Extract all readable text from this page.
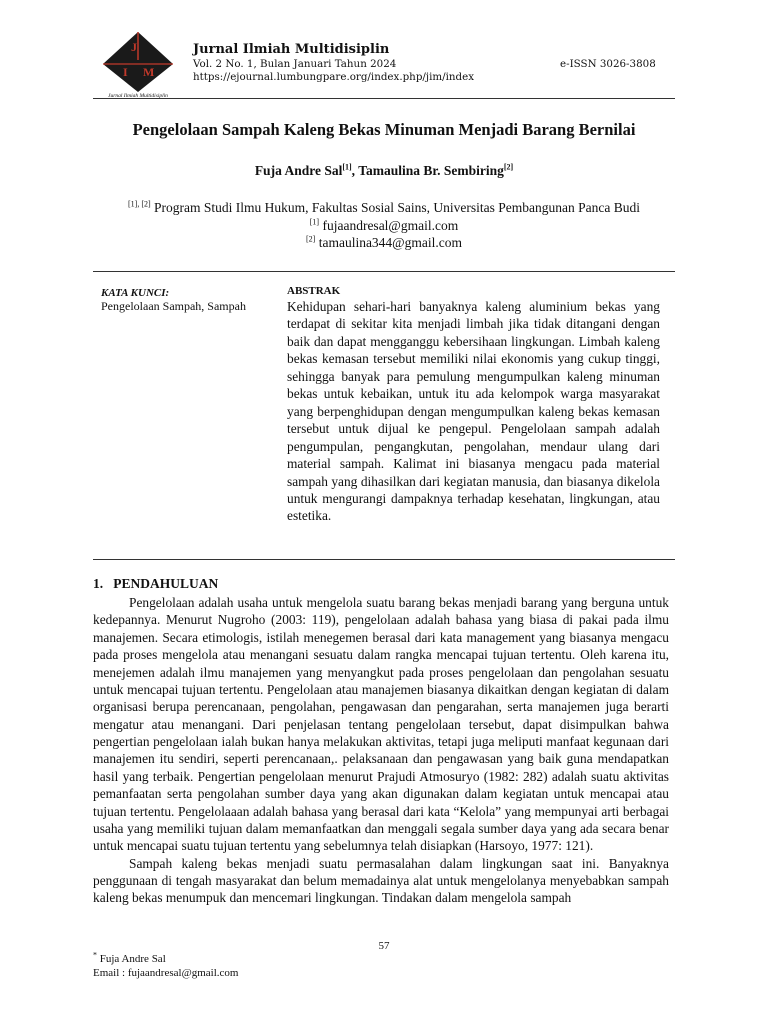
J
I M
Jurnal Ilmiah Multidisiplin
Jurnal Ilmiah Multidisiplin
Vol. 2 No. 1, Bulan Januari Tahun 2024
https://ejournal.lumbungpare.org/index.php/jim/index
e-ISSN 3026-3808
Pengelolaan Sampah Kaleng Bekas Minuman Menjadi Barang Bernilai
Fuja Andre Sal[1], Tamaulina Br. Sembiring[2]
[1], [2] Program Studi Ilmu Hukum, Fakultas Sosial Sains, Universitas Pembangunan Panca Budi
[1] fujaandresal@gmail.com
[2] tamaulina344@gmail.com
KATA KUNCI:
Pengelolaan Sampah, Sampah
ABSTRAK
Kehidupan sehari-hari banyaknya kaleng aluminium bekas yang terdapat di sekitar kita menjadi limbah jika tidak ditangani dengan baik dan dapat mengganggu kebersihaan lingkungan. Limbah kaleng bekas kemasan tersebut memiliki nilai ekonomis yang cukup tinggi, sehingga banyak para pemulung mengumpulkan kaleng minuman bekas untuk kebaikan, untuk itu ada kelompok warga masyarakat yang berpenghidupan dengan mengumpulkan kaleng bekas kemasan tersebut untuk dijual ke pengepul. Pengelolaan sampah adalah pengumpulan, pengangkutan, pengolahan, mendaur ulang dari material sampah. Kalimat ini biasanya mengacu pada material sampah yang dihasilkan dari kegiatan manusia, dan biasanya dikelola untuk mengurangi dampaknya terhadap kesehatan, lingkungan, atau estetika.
1.   PENDAHULUAN

Pengelolaan adalah usaha untuk mengelola suatu barang bekas menjadi barang yang berguna untuk kedepannya. Menurut Nugroho (2003: 119), pengelolaan adalah bahasa yang biasa di pakai pada ilmu manajemen. Secara etimologis, istilah menegemen berasal dari kata management yang biasanya mengacu pada proses mengelola atau menangani sesuatu dalam rangka mencapai tujuan tertentu. Oleh karena itu, menejemen adalah ilmu manajemen yang menyangkut pada proses pengelolaan dan pengolahan sesuatu untuk mencapai tujuan tertentu. Pengelolaan atau manajemen biasanya dikaitkan dengan kegiatan di dalam organisasi berupa perencanaan, pengolahan, pengawasan dan pengarahan, serta manajemen juga berarti mengatur atau menangani. Dari penjelasan tentang pengelolaan tersebut, dapat disimpulkan bahwa pengertian pengelolaan ialah bukan hanya melakukan aktivitas, tetapi juga meliputi manfaat kegunaan dari manajemen itu sendiri, seperti perencanaan,. pelaksanaan dan pengawasan yang baik guna mendapatkan hasil yang terbaik. Pengertian pengelolaan menurut Prajudi Atmosuryo (1982: 282) adalah suatu aktivitas pemanfaatan serta pengolahan sumber daya yang akan digunakan dalam kegiatan untuk mencapai atau tujuan tertentu. Pengelolaaan adalah bahasa yang berasal dari kata “Kelola” yang mempunyai arti berbagai usaha yang memiliki tujuan dalam memanfaatkan dan menggali segala sumber daya yang ada secara benar untuk mencapai suatu tujuan tertentu yang sebelumnya telah disiapkan (Harsoyo, 1977: 121).

Sampah kaleng bekas menjadi suatu permasalahan dalam lingkungan saat ini. Banyaknya penggunaan di tengah masyarakat dan belum memadainya alat untuk mengelolanya menyebabkan sampah kaleng bekas menumpuk dan mencemari lingkungan. Tindakan dalam mengelola sampah

57
* Fuja Andre Sal
Email : fujaandresal@gmail.com
